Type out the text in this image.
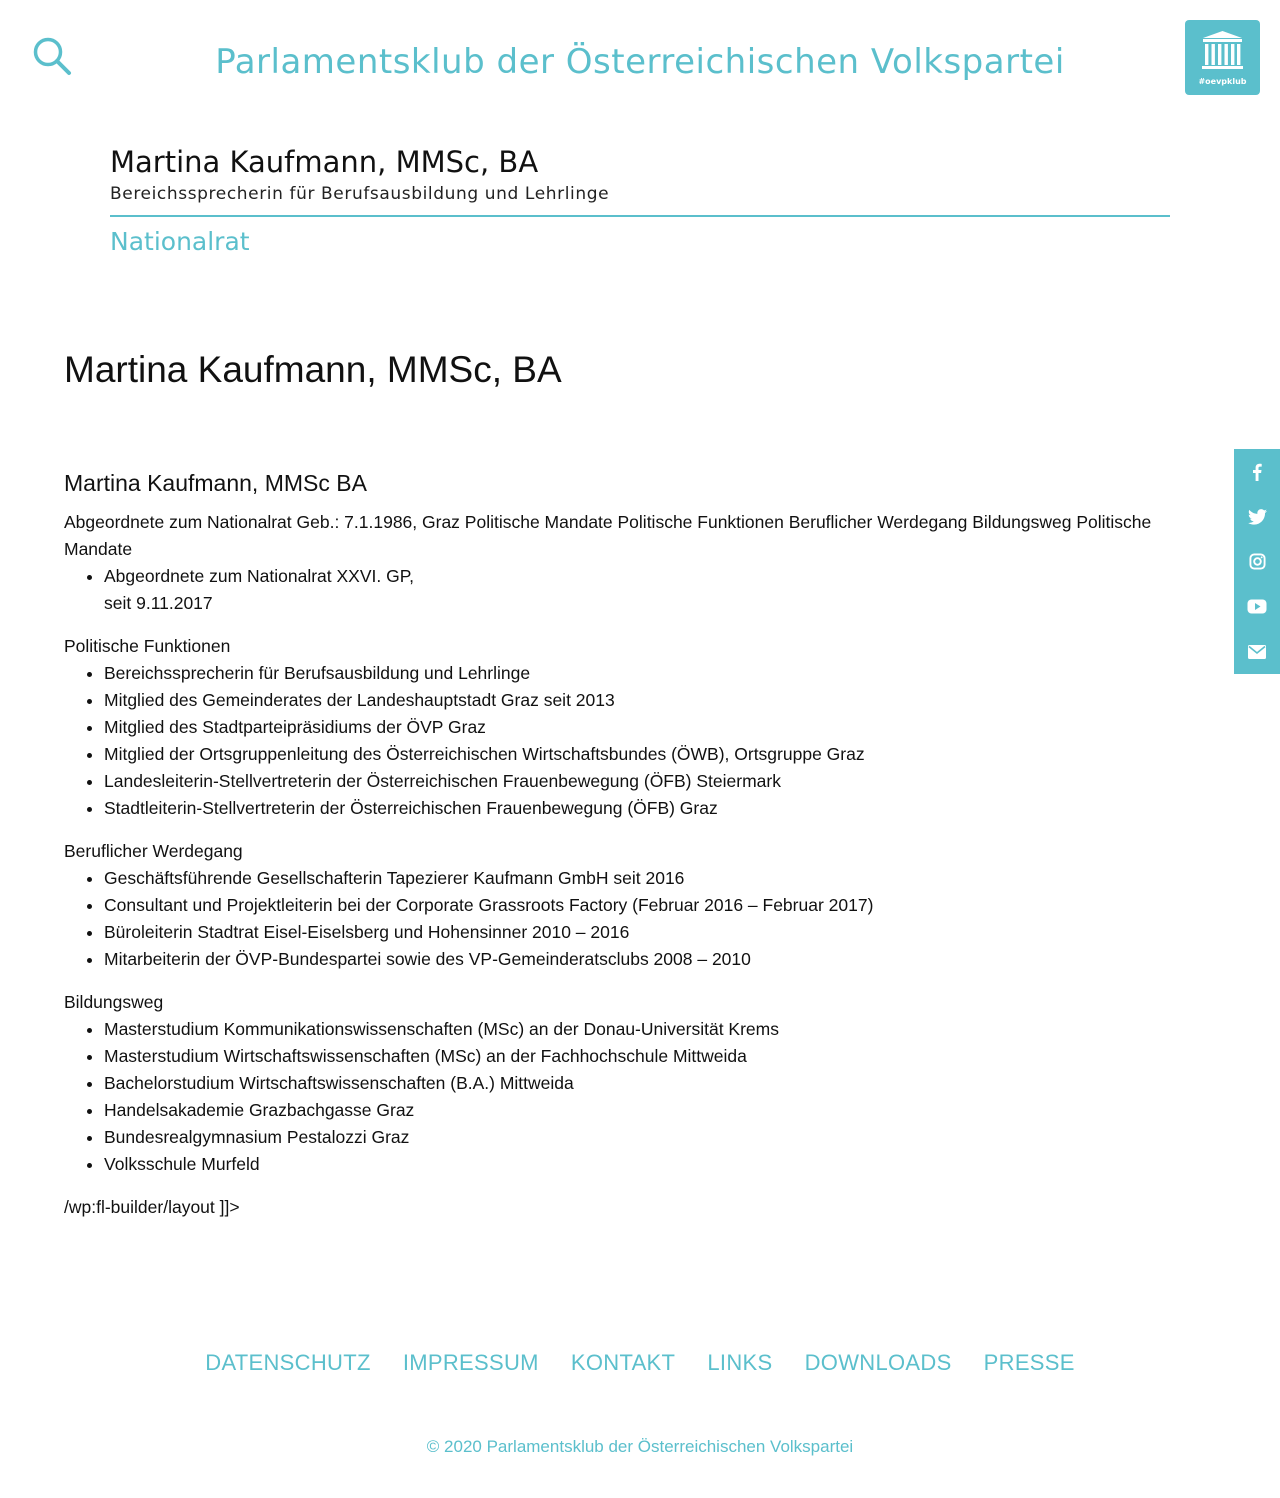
Parlamentsklub der Österreichischen Volkspartei	#oevpklub
Martina Kaufmann, MMSc, BA
Bereichssprecherin für Berufsausbildung und Lehrlinge
Nationalrat
Martina Kaufmann, MMSc, BA
Martina Kaufmann, MMSc BA
Abgeordnete zum Nationalrat Geb.: 7.1.1986, Graz Politische Mandate Politische Funktionen Beruflicher Werdegang Bildungsweg Politische Mandate
• Abgeordnete zum Nationalrat XXVI. GP,
seit 9.11.2017
Politische Funktionen
• Bereichssprecherin für Berufsausbildung und Lehrlinge
• Mitglied des Gemeinderates der Landeshauptstadt Graz seit 2013
• Mitglied des Stadtparteipräsidiums der ÖVP Graz
• Mitglied der Ortsgruppenleitung des Österreichischen Wirtschaftsbundes (ÖWB), Ortsgruppe Graz
• Landesleiterin-Stellvertreterin der Österreichischen Frauenbewegung (ÖFB) Steiermark
• Stadtleiterin-Stellvertreterin der Österreichischen Frauenbewegung (ÖFB) Graz
Beruflicher Werdegang
• Geschäftsführende Gesellschafterin Tapezierer Kaufmann GmbH seit 2016
• Consultant und Projektleiterin bei der Corporate Grassroots Factory (Februar 2016 – Februar 2017)
• Büroleiterin Stadtrat Eisel-Eiselsberg und Hohensinner 2010 – 2016
• Mitarbeiterin der ÖVP-Bundespartei sowie des VP-Gemeinderatsclubs 2008 – 2010
Bildungsweg
• Masterstudium Kommunikationswissenschaften (MSc) an der Donau-Universität Krems
• Masterstudium Wirtschaftswissenschaften (MSc) an der Fachhochschule Mittweida
• Bachelorstudium Wirtschaftswissenschaften (B.A.) Mittweida
• Handelsakademie Grazbachgasse Graz
• Bundesrealgymnasium Pestalozzi Graz
• Volksschule Murfeld
/wp:fl-builder/layout ]]>
DATENSCHUTZ IMPRESSUM KONTAKT LINKS DOWNLOADS PRESSE
© 2020 Parlamentsklub der Österreichischen Volkspartei
